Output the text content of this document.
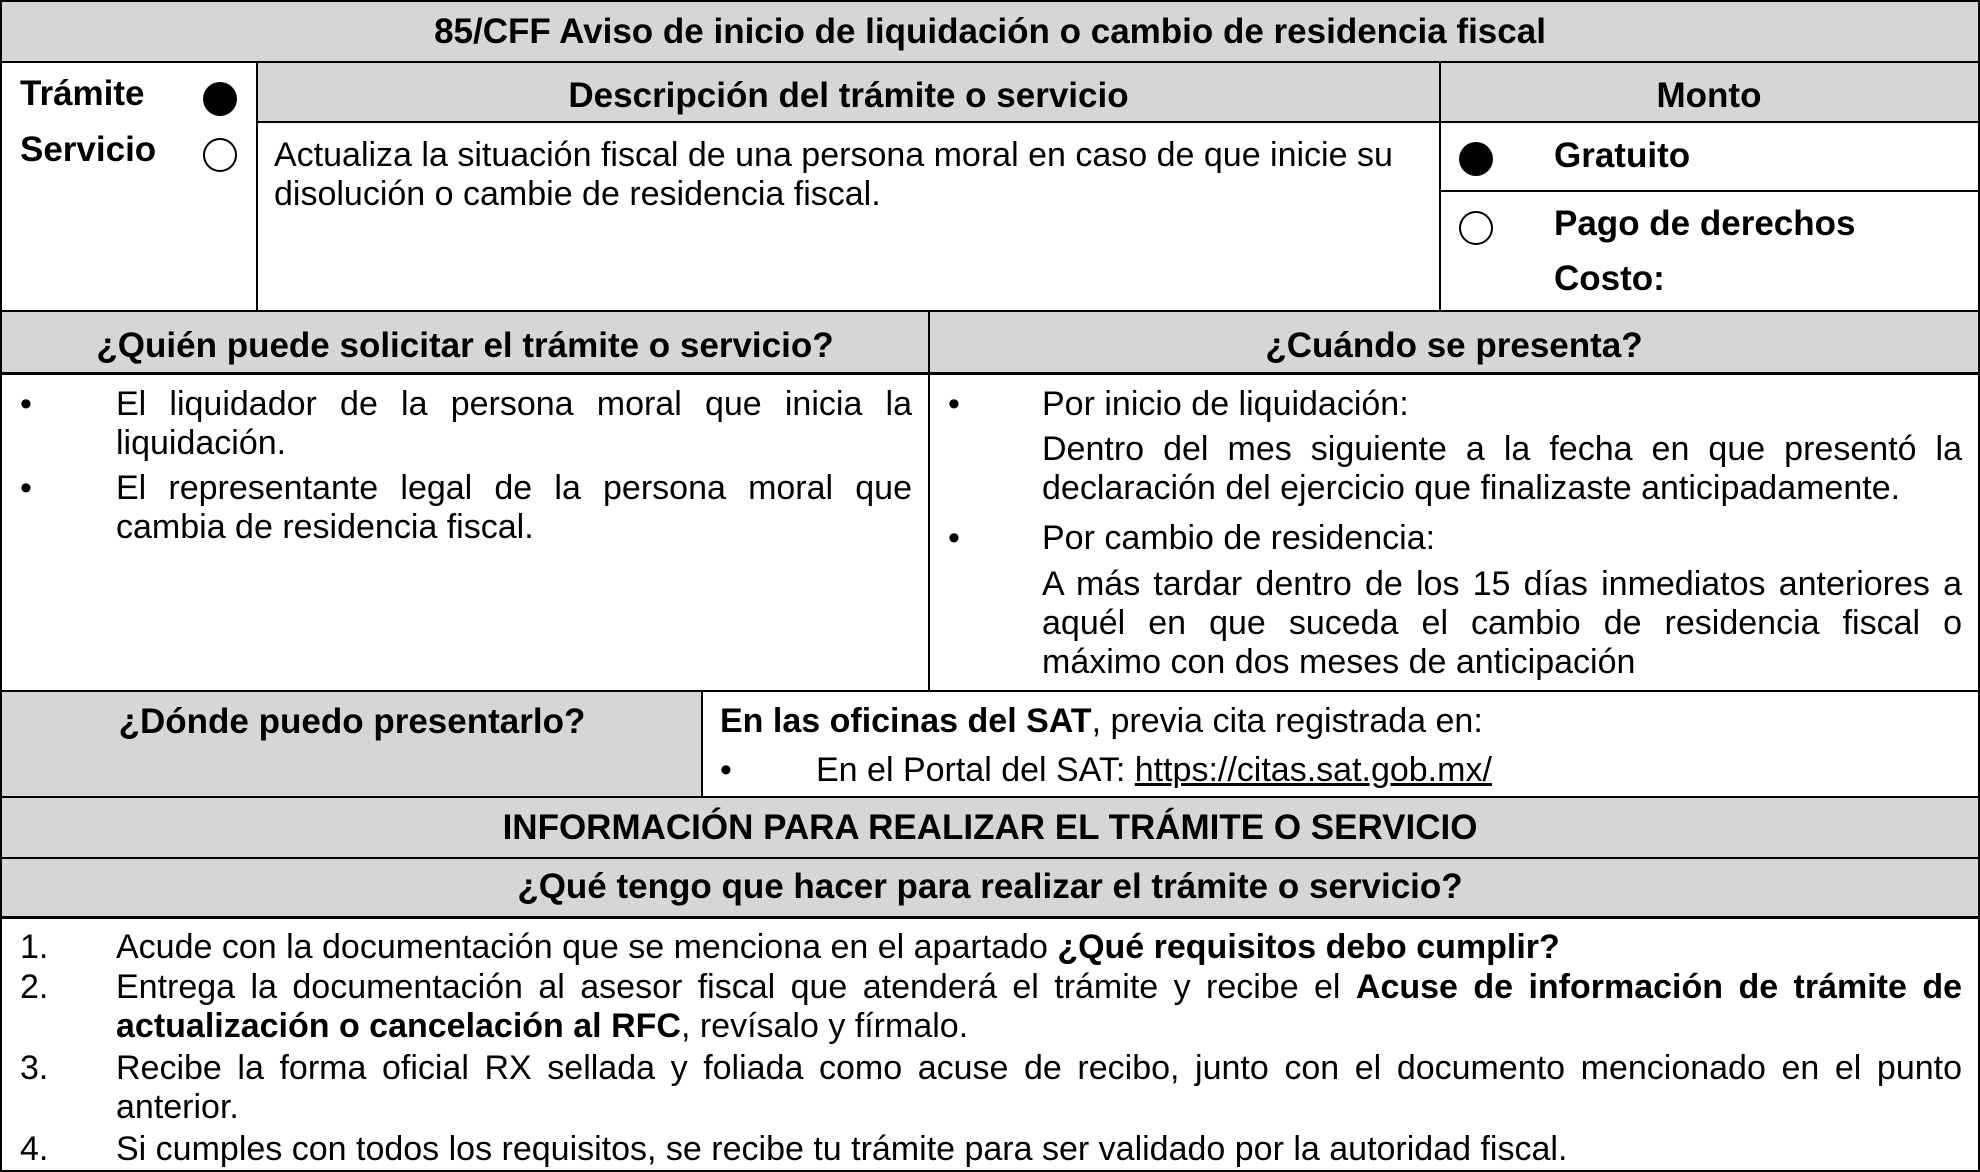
85/CFF Aviso de inicio de liquidación o cambio de residencia fiscal
Trámite
Servicio
Descripción del trámite o servicio
Actualiza la situación fiscal de una persona moral en caso de que inicie su disolución o cambie de residencia fiscal.
Monto
Gratuito
Pago de derechos
Costo:
¿Quién puede solicitar el trámite o servicio?
• El liquidador de la persona moral que inicia la liquidación.
• El representante legal de la persona moral que cambia de residencia fiscal.
¿Cuándo se presenta?
• Por inicio de liquidación:
Dentro del mes siguiente a la fecha en que presentó la declaración del ejercicio que finalizaste anticipadamente.
• Por cambio de residencia:
A más tardar dentro de los 15 días inmediatos anteriores a aquél en que suceda el cambio de residencia fiscal o máximo con dos meses de anticipación
¿Dónde puedo presentarlo?	En las oficinas del SAT, previa cita registrada en:
• En el Portal del SAT: https://citas.sat.gob.mx/
INFORMACIÓN PARA REALIZAR EL TRÁMITE O SERVICIO
¿Qué tengo que hacer para realizar el trámite o servicio?
1. Acude con la documentación que se menciona en el apartado ¿Qué requisitos debo cumplir?
2. Entrega la documentación al asesor fiscal que atenderá el trámite y recibe el Acuse de información de trámite de actualización o cancelación al RFC, revísalo y fírmalo.
3. Recibe la forma oficial RX sellada y foliada como acuse de recibo, junto con el documento mencionado en el punto anterior.
4. Si cumples con todos los requisitos, se recibe tu trámite para ser validado por la autoridad fiscal.
